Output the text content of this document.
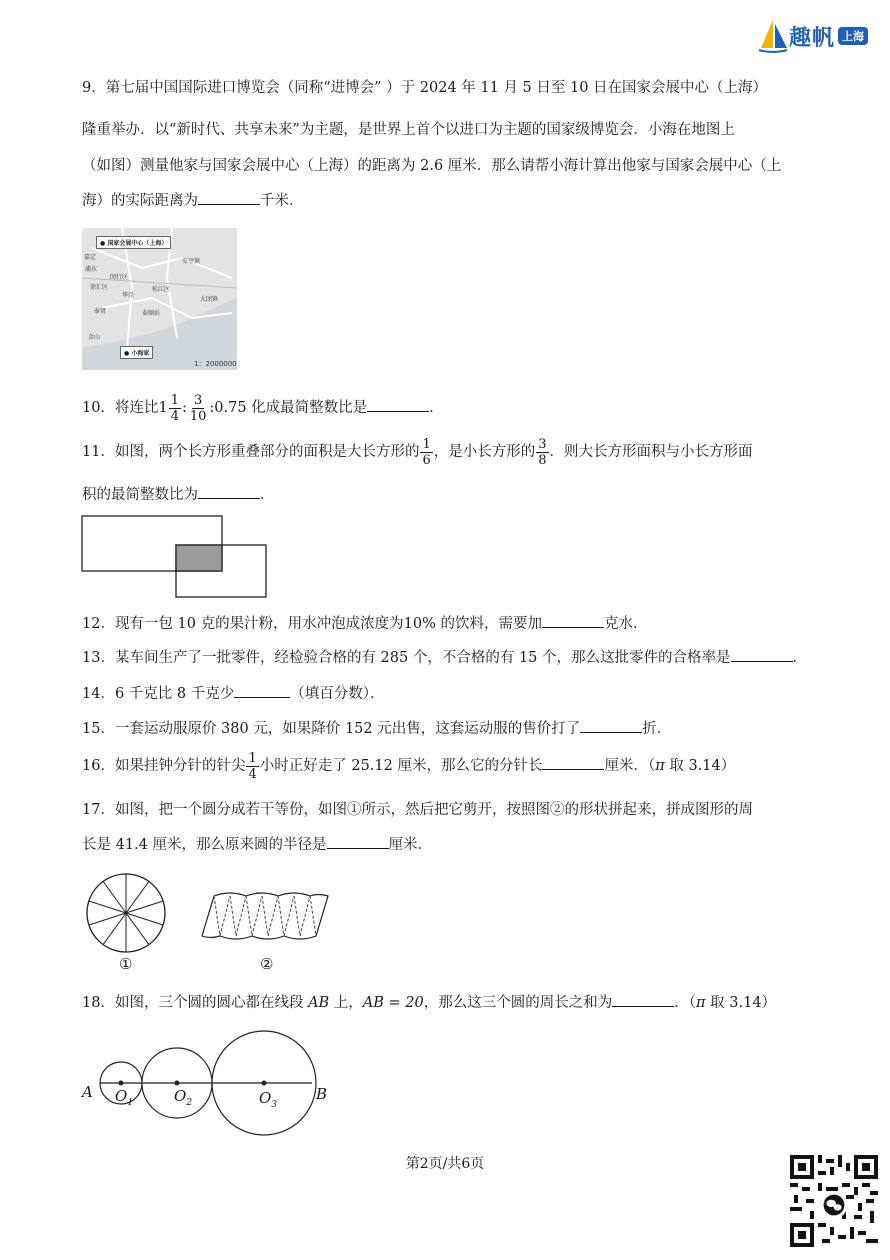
趣帆 上海
9．第七届中国国际进口博览会（同称“进博会” ）于 2024 年 11 月 5 日至 10 日在国家会展中心（上海）
隆重举办．以“新时代、共享未来”为主题，是世界上首个以进口为主题的国家级博览会．小海在地图上
（如图）测量他家与国家会展中心（上海）的距离为 2.6 厘米．那么请帮小海计算出他家与国家会展中心（上
海）的实际距离为	千米．
● 国家会展中心（上海）
嘉定
安亭镇
浦东
闵行区
徐汇区	松江区
奉贤	泰顺站
大团镇
金山
华泾
● 小海家
1：2000000
10．将连比$1 \frac{1}{4}$ : $\frac{3}{10}$ :0.75 化成最简整数比是	．
11．如图，两个长方形重叠部分的面积是大长方形的 $\frac{1}{6}$ ，是小长方形的 $\frac{3}{8}$ ．则大长方形面积与小长方形面
积的最简整数比为	．
12．现有一包 10 克的果汁粉，用水冲泡成浓度为10% 的饮料，需要加	克水．
13．某车间生产了一批零件，经检验合格的有 285 个，不合格的有 15 个，那么这批零件的合格率是	．
14．6 千克比 8 千克少	（填百分数）．
15．一套运动服原价 380 元，如果降价 152 元出售，这套运动服的售价打了	折．
16．如果挂钟分针的针尖 $\frac{1}{4}$ 小时正好走了 25.12 厘米，那么它的分针长	厘米．（π 取 3.14）
17．如图，把一个圆分成若干等份，如图①所示，然后把它剪开，按照图②的形状拼起来，拼成图形的周
长是 41.4 厘米，那么原来圆的半径是	厘米．
①	②
18．如图，三个圆的圆心都在线段 AB 上，AB = 20，那么这三个圆的周长之和为	．（π 取 3.14）
A	B
$O_1$	$O_2$	$O_3$
第2页/共6页
